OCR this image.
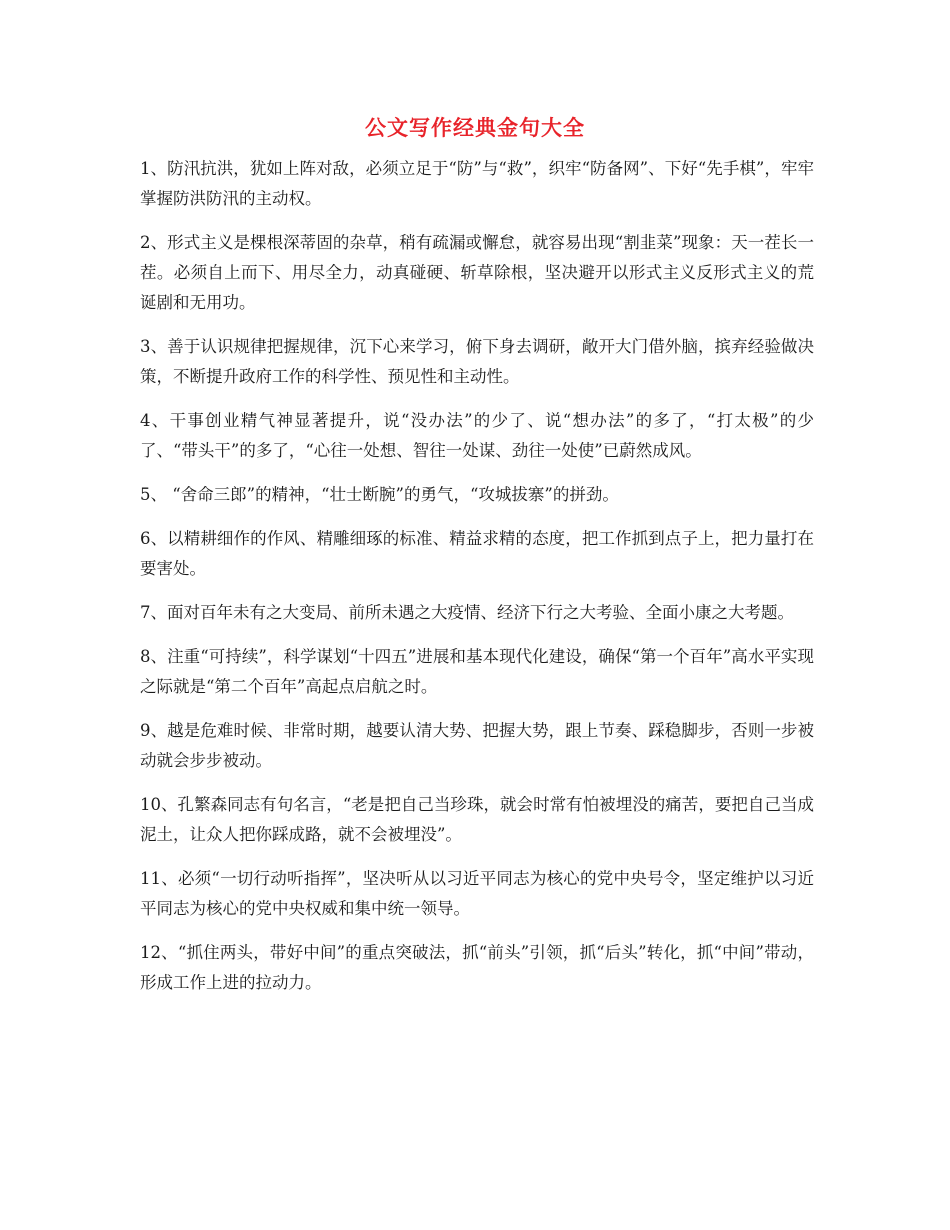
公文写作经典金句大全

1、防汛抗洪，犹如上阵对敌，必须立足于“防”与“救”，织牢“防备网”、下好“先手棋”，牢牢掌握防洪防汛的主动权。

2、形式主义是棵根深蒂固的杂草，稍有疏漏或懈怠，就容易出现“割韭菜”现象：天一茬长一茬。必须自上而下、用尽全力，动真碰硬、斩草除根，坚决避开以形式主义反形式主义的荒诞剧和无用功。

3、善于认识规律把握规律，沉下心来学习，俯下身去调研，敞开大门借外脑，摈弃经验做决策，不断提升政府工作的科学性、预见性和主动性。

4、干事创业精气神显著提升，说“没办法”的少了、说“想办法”的多了，“打太极”的少了、“带头干”的多了，“心往一处想、智往一处谋、劲往一处使”已蔚然成风。

5、 “舍命三郎”的精神，“壮士断腕”的勇气，“攻城拔寨”的拼劲。

6、以精耕细作的作风、精雕细琢的标准、精益求精的态度，把工作抓到点子上，把力量打在要害处。

7、面对百年未有之大变局、前所未遇之大疫情、经济下行之大考验、全面小康之大考题。

8、注重“可持续”，科学谋划“十四五”进展和基本现代化建设，确保“第一个百年”高水平实现之际就是“第二个百年”高起点启航之时。

9、越是危难时候、非常时期，越要认清大势、把握大势，跟上节奏、踩稳脚步，否则一步被动就会步步被动。

10、孔繁森同志有句名言，“老是把自己当珍珠，就会时常有怕被埋没的痛苦，要把自己当成泥土，让众人把你踩成路，就不会被埋没”。

11、必须“一切行动听指挥”，坚决听从以习近平同志为核心的党中央号令，坚定维护以习近平同志为核心的党中央权威和集中统一领导。

12、“抓住两头，带好中间”的重点突破法，抓“前头”引领，抓“后头”转化，抓“中间”带动，形成工作上进的拉动力。
